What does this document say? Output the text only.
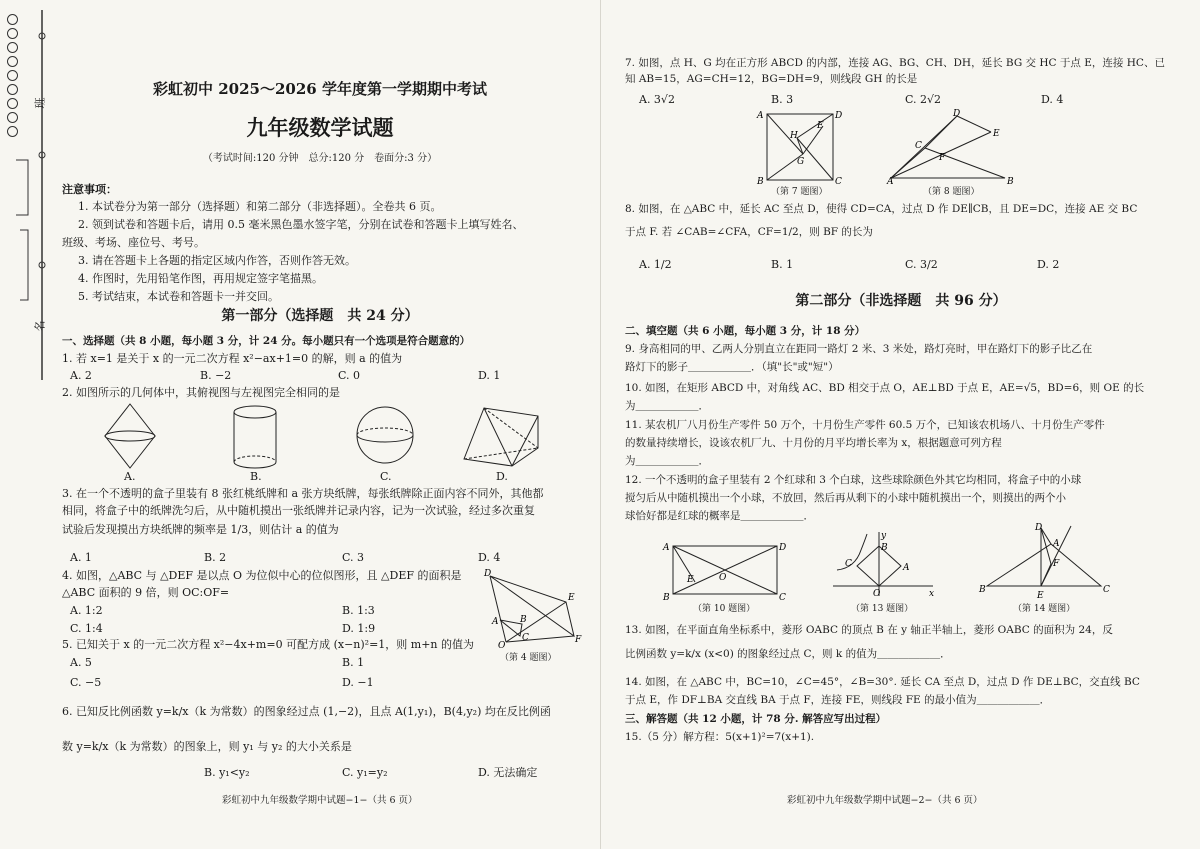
班
名
彩虹初中 2025～2026 学年度第一学期期中考试
九年级数学试题
（考试时间:120 分钟　总分:120 分　卷面分:3 分）
注意事项：
1. 本试卷分为第一部分（选择题）和第二部分（非选择题）。全卷共 6 页。
2. 领到试卷和答题卡后，请用 0.5 毫米黑色墨水签字笔，分别在试卷和答题卡上填写姓名、
班级、考场、座位号、考号。
3. 请在答题卡上各题的指定区域内作答，否则作答无效。
4. 作图时，先用铅笔作图，再用规定签字笔描黑。
5. 考试结束，本试卷和答题卡一并交回。
第一部分（选择题　共 24 分）
一、选择题（共 8 小题，每小题 3 分，计 24 分。每小题只有一个选项是符合题意的）
1. 若 x=1 是关于 x 的一元二次方程 x²−ax+1=0 的解，则 a 的值为
A. 2	B. −2	C. 0	D. 1
2. 如图所示的几何体中，其俯视图与左视图完全相同的是
A.	B.	C.	D.
3. 在一个不透明的盒子里装有 8 张红桃纸牌和 a 张方块纸牌，每张纸牌除正面内容不同外，其他都
相同，将盒子中的纸牌洗匀后，从中随机摸出一张纸牌并记录内容，记为一次试验，经过多次重复
试验后发现摸出方块纸牌的频率是 1/3，则估计 a 的值为
A. 1	B. 2	C. 3	D. 4
4. 如图，△ABC 与 △DEF 是以点 O 为位似中心的位似图形，且 △DEF 的面积是
△ABC 面积的 9 倍，则 OC:OF=
A. 1:2	B. 1:3
C. 1:4	D. 1:9
D
E
F
A B
C
O
（第 4 题图）
5. 已知关于 x 的一元二次方程 x²−4x+m=0 可配方成 (x−n)²=1，则 m+n 的值为
A. 5	B. 1
C. −5	D. −1
6. 已知反比例函数 y=k/x（k 为常数）的图象经过点 (1,−2)，且点 A(1,y₁)，B(4,y₂) 均在反比例函
数 y=k/x（k 为常数）的图象上，则 y₁ 与 y₂ 的大小关系是
B. y₁<y₂	C. y₁=y₂	D. 无法确定
彩虹初中九年级数学期中试题−1−（共 6 页）
7. 如图，点 H、G 均在正方形 ABCD 的内部，连接 AG、BG、CH、DH，延长 BG 交 HC 于点 E，连接 HC、已
知 AB=15，AG=CH=12，BG=DH=9，则线段 GH 的长是
A. 3√2	B. 3	C. 2√2	D. 4
A	D
B	C
H
G
E
（第 7 题图）
D
E
C
F
A	B
（第 8 题图）
8. 如图，在 △ABC 中，延长 AC 至点 D，使得 CD=CA，过点 D 作 DE∥CB，且 DE=DC，连接 AE 交 BC
于点 F. 若 ∠CAB=∠CFA，CF=1/2，则 BF 的长为
A. 1/2	B. 1	C. 3/2	D. 2
第二部分（非选择题　共 96 分）
二、填空题（共 6 小题，每小题 3 分，计 18 分）
9. 身高相同的甲、乙两人分别直立在距同一路灯 2 米、3 米处，路灯亮时，甲在路灯下的影子比乙在
路灯下的影子＿＿＿＿＿＿．（填"长"或"短"）
10. 如图，在矩形 ABCD 中，对角线 AC、BD 相交于点 O，AE⊥BD 于点 E，AE=√5，BD=6，则 OE 的长
为＿＿＿＿＿＿．
11. 某农机厂八月份生产零件 50 万个，十月份生产零件 60.5 万个，已知该农机场八、十月份生产零件
的数量持续增长，设该农机厂九、十月份的月平均增长率为 x，根据题意可列方程
为＿＿＿＿＿＿．
12. 一个不透明的盒子里装有 2 个红球和 3 个白球，这些球除颜色外其它均相同，将盒子中的小球
搅匀后从中随机摸出一个小球，不放回，然后再从剩下的小球中随机摸出一个，则摸出的两个小
球恰好都是红球的概率是＿＿＿＿＿＿．
A	D
B	C
E	O
（第 10 题图）
y
x
O
A
B
C
（第 13 题图）
D
A
F
B	C
E
（第 14 题图）
13. 如图，在平面直角坐标系中，菱形 OABC 的顶点 B 在 y 轴正半轴上，菱形 OABC 的面积为 24，反
比例函数 y=k/x (x<0) 的图象经过点 C，则 k 的值为＿＿＿＿＿＿．
14. 如图，在 △ABC 中，BC=10，∠C=45°，∠B=30°. 延长 CA 至点 D，过点 D 作 DE⊥BC，交直线 BC
于点 E，作 DF⊥BA 交直线 BA 于点 F，连接 FE，则线段 FE 的最小值为＿＿＿＿＿＿．
三、解答题（共 12 小题，计 78 分. 解答应写出过程）
15.（5 分）解方程：5(x+1)²=7(x+1).
彩虹初中九年级数学期中试题−2−（共 6 页）
